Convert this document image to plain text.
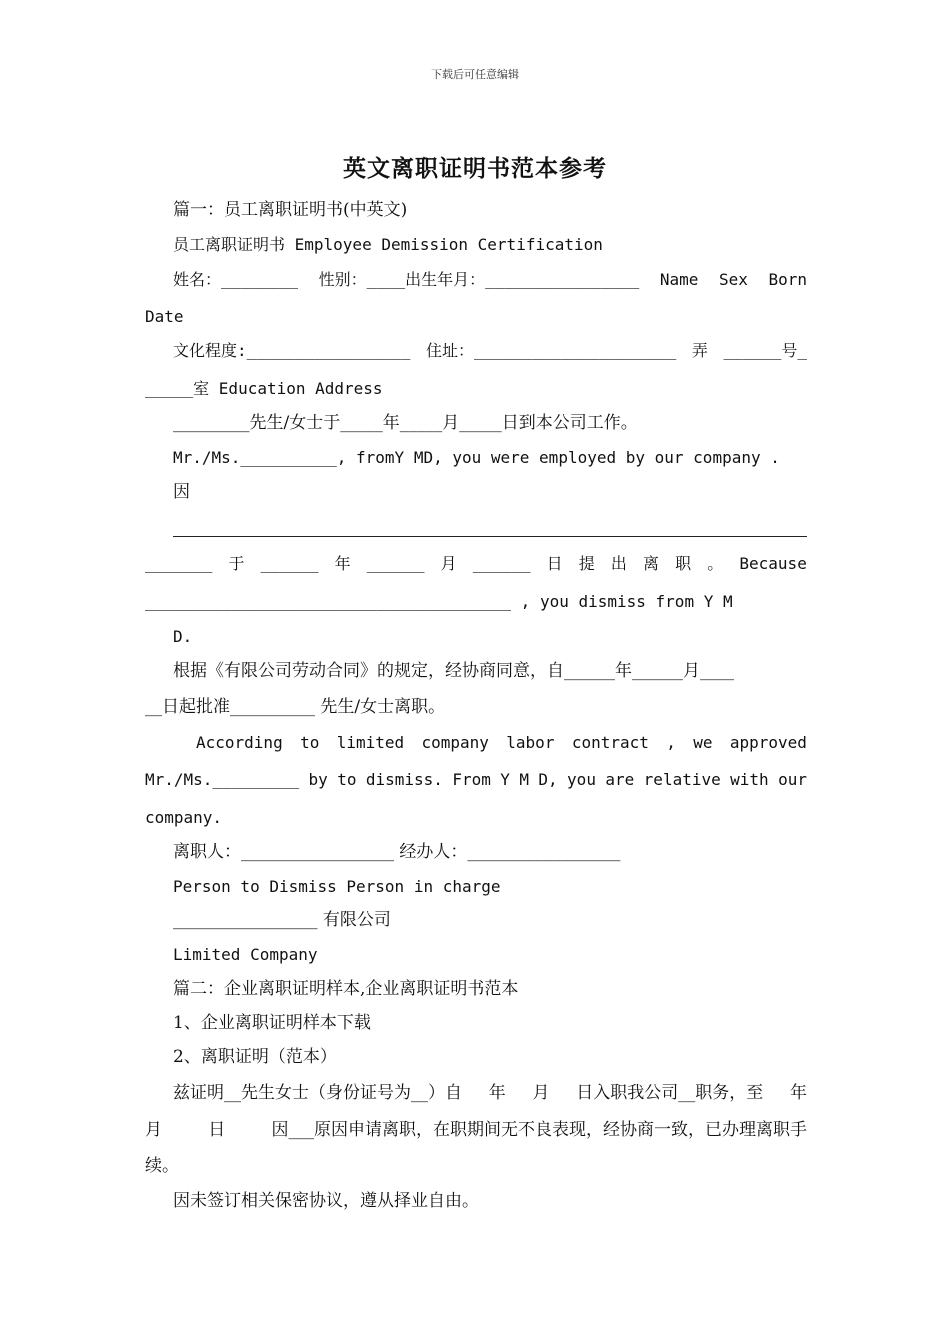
下载后可任意编辑
英文离职证明书范本参考
篇一：员工离职证明书(中英文)
员工离职证明书 Employee Demission Certification
姓名：________ 性别：____出生年月：________________ Name Sex Born
Date
文化程度:_________________ 住址：_____________________ 弄 ______号_
_____室 Education Address
_________先生/女士于_____年_____月_____日到本公司工作。
Mr./Ms.__________, fromY MD, you were employed by our company .
因
_______ 于 ______ 年 ______ 月 ______ 日 提 出 离 职 。 Because
______________________________________ , you dismiss from Y M
D.
根据《有限公司劳动合同》的规定，经协商同意，自______年______月____
__日起批准__________ 先生/女士离职。
According to limited company labor contract , we approved
Mr./Ms._________ by to dismiss. From Y M D, you are relative with our
company.
离职人：__________________ 经办人：__________________
Person to Dismiss Person in charge
_________________ 有限公司
Limited Company
篇二：企业离职证明样本,企业离职证明书范本
1、企业离职证明样本下载
2、离职证明（范本）
兹证明__先生女士（身份证号为__）自 年 月 日入职我公司__职务，至 年
月	日	因___原因申请离职，在职期间无不良表现，经协商一致，已办理离职手
续。
因未签订相关保密协议，遵从择业自由。
